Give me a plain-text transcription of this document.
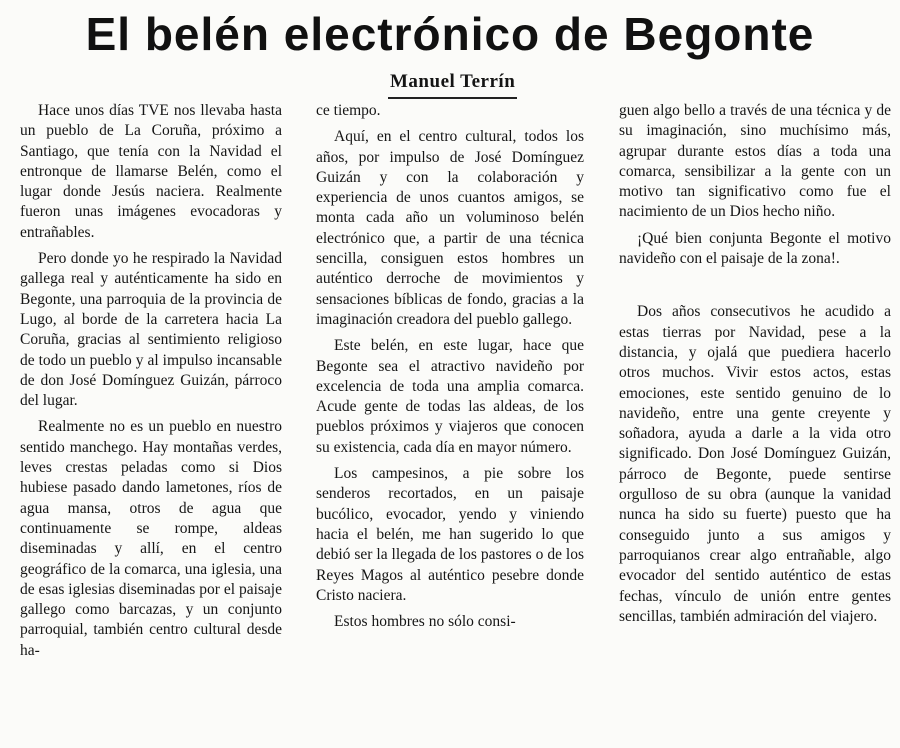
El belén electrónico de Begonte
Manuel Terrín

Hace unos días TVE nos llevaba hasta un pueblo de La Coruña, próximo a Santiago, que tenía con la Navidad el entronque de llamarse Belén, como el lugar donde Jesús naciera. Realmente fueron unas imágenes evocadoras y entrañables.

Pero donde yo he respirado la Navidad gallega real y auténticamente ha sido en Begonte, una parroquia de la provincia de Lugo, al borde de la carretera hacia La Coruña, gracias al sentimiento religioso de todo un pueblo y al impulso incansable de don José Domínguez Guizán, párroco del lugar.

Realmente no es un pueblo en nuestro sentido manchego. Hay montañas verdes, leves crestas peladas como si Dios hubiese pasado dando lametones, ríos de agua mansa, otros de agua que continuamente se rompe, aldeas diseminadas y allí, en el centro geográfico de la comarca, una iglesia, una de esas iglesias diseminadas por el paisaje gallego como barcazas, y un conjunto parroquial, también centro cultural desde ha-

ce tiempo.

Aquí, en el centro cultural, todos los años, por impulso de José Domínguez Guizán y con la colaboración y experiencia de unos cuantos amigos, se monta cada año un voluminoso belén electrónico que, a partir de una técnica sencilla, consiguen estos hombres un auténtico derroche de movimientos y sensaciones bíblicas de fondo, gracias a la imaginación creadora del pueblo gallego.

Este belén, en este lugar, hace que Begonte sea el atractivo navideño por excelencia de toda una amplia comarca. Acude gente de todas las aldeas, de los pueblos próximos y viajeros que conocen su existencia, cada día en mayor número.

Los campesinos, a pie sobre los senderos recortados, en un paisaje bucólico, evocador, yendo y viniendo hacia el belén, me han sugerido lo que debió ser la llegada de los pastores o de los Reyes Magos al auténtico pesebre donde Cristo naciera.

Estos hombres no sólo consi-

guen algo bello a través de una técnica y de su imaginación, sino muchísimo más, agrupar durante estos días a toda una comarca, sensibilizar a la gente con un motivo tan significativo como fue el nacimiento de un Dios hecho niño.

¡Qué bien conjunta Begonte el motivo navideño con el paisaje de la zona!.

Dos años consecutivos he acudido a estas tierras por Navidad, pese a la distancia, y ojalá que puediera hacerlo otros muchos. Vivir estos actos, estas emociones, este sentido genuino de lo navideño, entre una gente creyente y soñadora, ayuda a darle a la vida otro significado. Don José Domínguez Guizán, párroco de Begonte, puede sentirse orgulloso de su obra (aunque la vanidad nunca ha sido su fuerte) puesto que ha conseguido junto a sus amigos y parroquianos crear algo entrañable, algo evocador del sentido auténtico de estas fechas, vínculo de unión entre gentes sencillas, también admiración del viajero.
